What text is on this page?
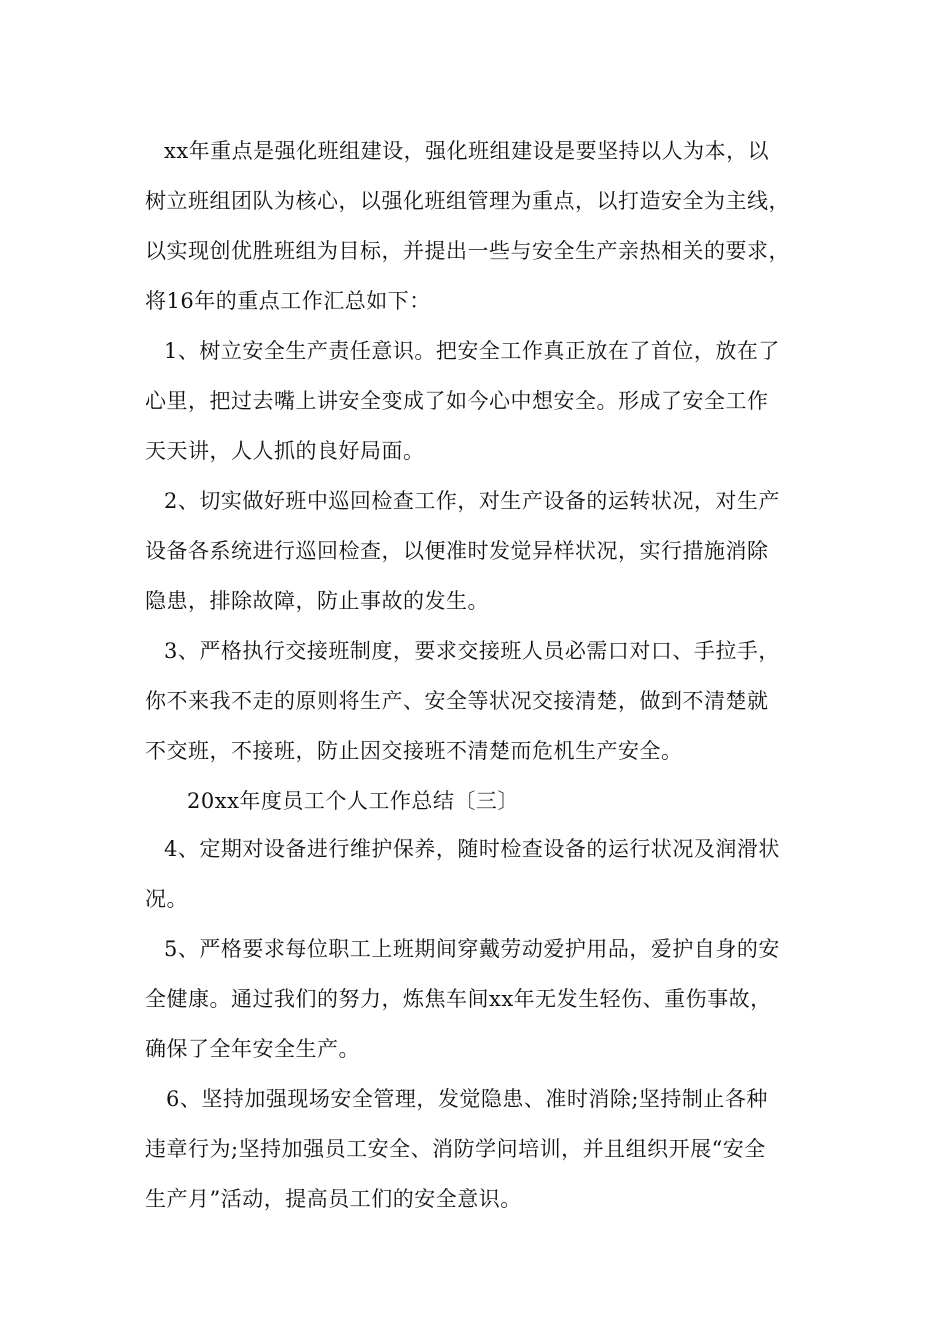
xx年重点是强化班组建设，强化班组建设是要坚持以人为本，以
树立班组团队为核心，以强化班组管理为重点，以打造安全为主线，
以实现创优胜班组为目标，并提出一些与安全生产亲热相关的要求，
将16年的重点工作汇总如下：
1、树立安全生产责任意识。把安全工作真正放在了首位，放在了
心里，把过去嘴上讲安全变成了如今心中想安全。形成了安全工作
天天讲，人人抓的良好局面。
2、切实做好班中巡回检查工作，对生产设备的运转状况，对生产
设备各系统进行巡回检查，以便准时发觉异样状况，实行措施消除
隐患，排除故障，防止事故的发生。
3、严格执行交接班制度，要求交接班人员必需口对口、手拉手，
你不来我不走的原则将生产、安全等状况交接清楚，做到不清楚就
不交班，不接班，防止因交接班不清楚而危机生产安全。
20xx年度员工个人工作总结〔三〕
4、定期对设备进行维护保养，随时检查设备的运行状况及润滑状
况。
5、严格要求每位职工上班期间穿戴劳动爱护用品，爱护自身的安
全健康。通过我们的努力，炼焦车间xx年无发生轻伤、重伤事故，
确保了全年安全生产。
6、坚持加强现场安全管理，发觉隐患、准时消除;坚持制止各种
违章行为;坚持加强员工安全、消防学问培训，并且组织开展“安全
生产月”活动，提高员工们的安全意识。
